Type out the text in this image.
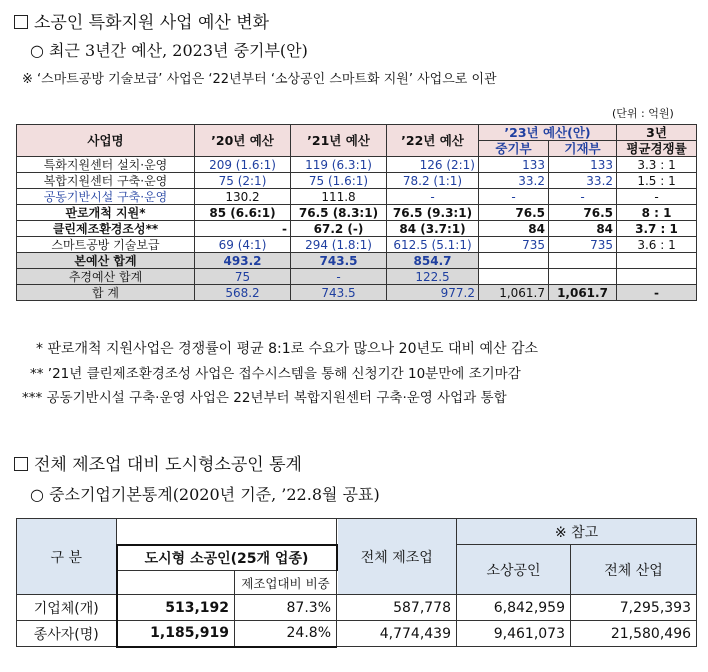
소공인 특화지원 사업 예산 변화
○ 최근 3년간 예산, 2023년 중기부(안)
※ ‘스마트공방 기술보급’ 사업은 ‘22년부터 ‘소상공인 스마트화 지원’ 사업으로 이관
(단위 : 억원)
사업명	’20년 예산	’21년 예산	’22년 예산	’23년 예산(안)		3년
				중기부	기재부	평균경쟁률
특화지원센터 설치·운영	209 (1.6:1)	119 (6.3:1)	126 (2:1)	133	133	3.3 : 1
복합지원센터 구축·운영	75 (2:1)	75 (1.6:1)	78.2 (1:1)	33.2	33.2	1.5 : 1
공동기반시설 구축·운영	130.2	111.8	-	-	-	-
판로개척 지원*	85 (6.6:1)	76.5 (8.3:1)	76.5 (9.3:1)	76.5	76.5	8 : 1
클린제조환경조성**	-	67.2 (-)	84 (3.7:1)	84	84	3.7 : 1
스마트공방 기술보급	69 (4:1)	294 (1.8:1)	612.5 (5.1:1)	735	735	3.6 : 1
본예산 합계	493.2	743.5	854.7			
추경예산 합계	75	-	122.5			
합 계	568.2	743.5	977.2	1,061.7	1,061.7	-
* 판로개척 지원사업은 경쟁률이 평균 8:1로 수요가 많으나 20년도 대비 예산 감소
** ’21년 클린제조환경조성 사업은 접수시스템을 통해 신청기간 10분만에 조기마감
*** 공동기반시설 구축·운영 사업은 22년부터 복합지원센터 구축·운영 사업과 통합
전체 제조업 대비 도시형소공인 통계
○ 중소기업기본통계(2020년 기준, ’22.8월 공표)
구 분			전체 제조업	※ 참고	
	도시형 소공인(25개 업종)			소상공인	전체 산업
		제조업대비 비중			
기업체(개)	513,192	87.3%	587,778	6,842,959	7,295,393
종사자(명)	1,185,919	24.8%	4,774,439	9,461,073	21,580,496
